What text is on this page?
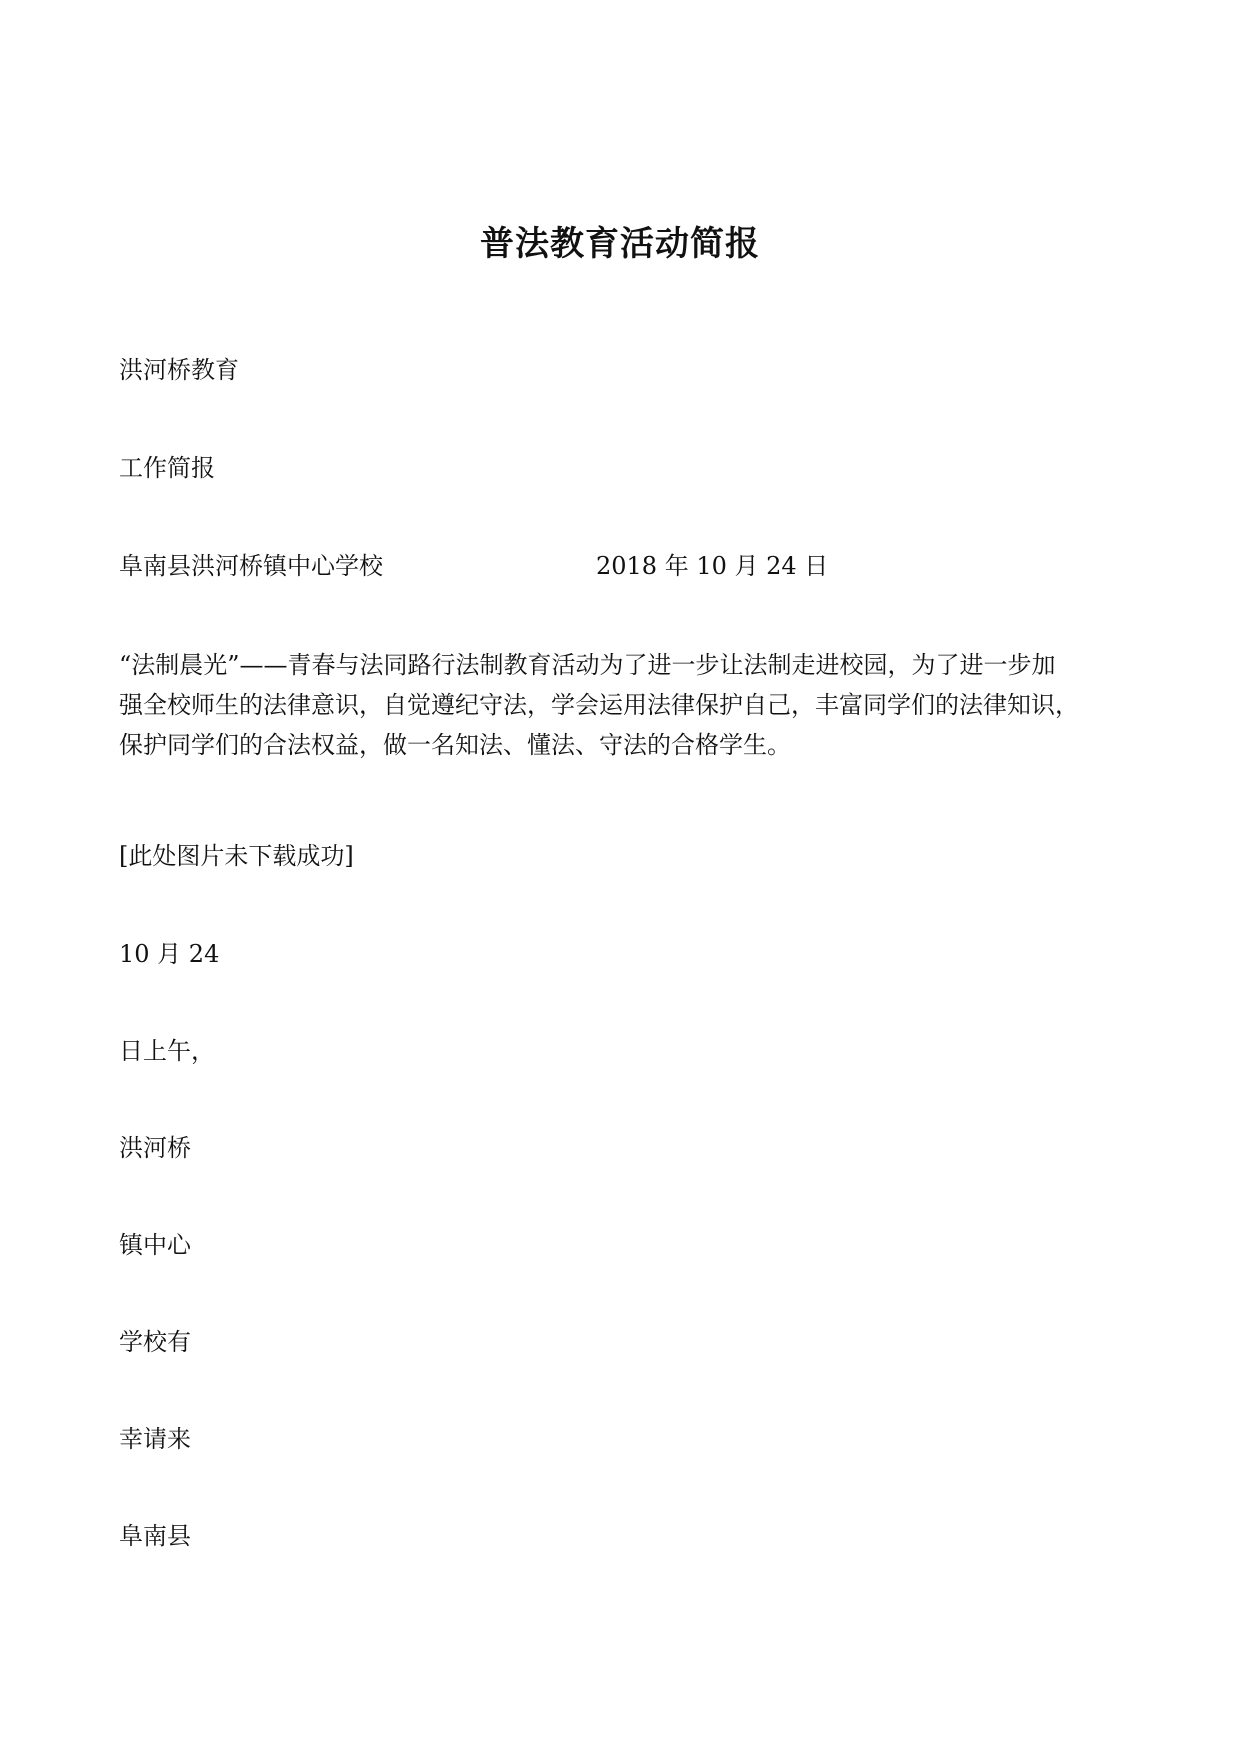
普法教育活动简报
洪河桥教育
工作简报
阜南县洪河桥镇中心学校	2018 年 10 月 24 日
“法制晨光”——青春与法同路行法制教育活动为了进一步让法制走进校园，为了进一步加
强全校师生的法律意识，自觉遵纪守法，学会运用法律保护自己，丰富同学们的法律知识，
保护同学们的合法权益，做一名知法、懂法、守法的合格学生。
[此处图片未下载成功]
10 月 24
日上午，
洪河桥
镇中心
学校有
幸请来
阜南县
